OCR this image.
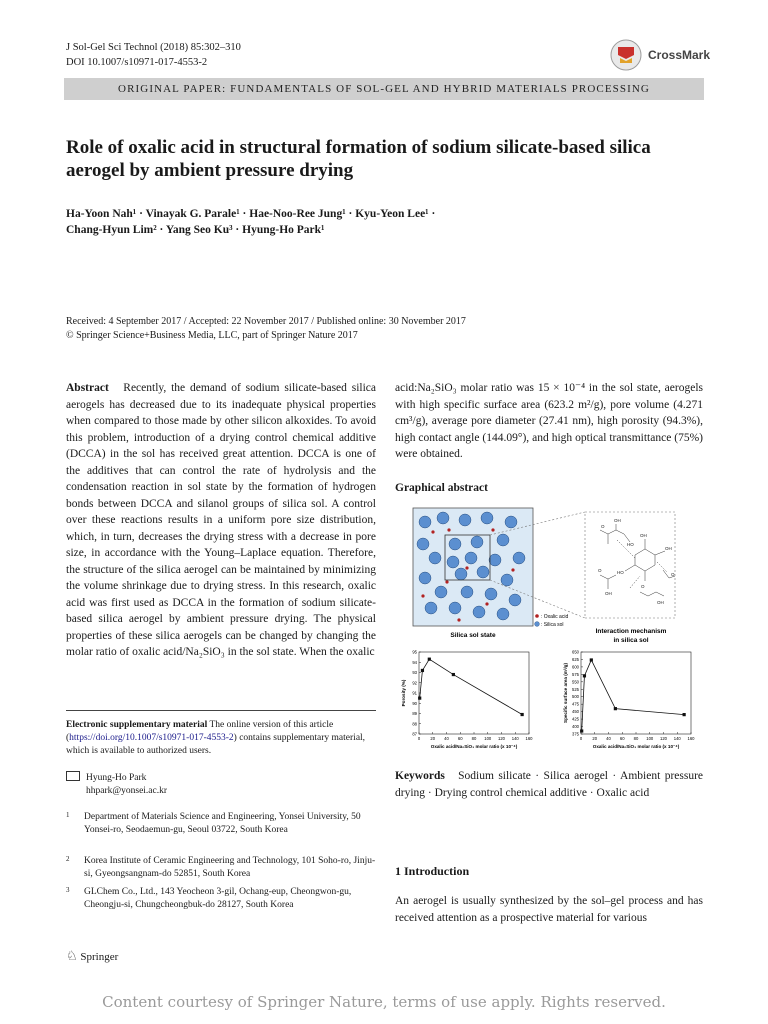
J Sol-Gel Sci Technol (2018) 85:302–310
DOI 10.1007/s10971-017-4553-2
CrossMark
ORIGINAL PAPER: FUNDAMENTALS OF SOL-GEL AND HYBRID MATERIALS PROCESSING
Role of oxalic acid in structural formation of sodium silicate-based silica aerogel by ambient pressure drying
Ha-Yoon Nah¹ · Vinayak G. Parale¹ · Hae-Noo-Ree Jung¹ · Kyu-Yeon Lee¹ ·
Chang-Hyun Lim² · Yang Seo Ku³ · Hyung-Ho Park¹
Received: 4 September 2017 / Accepted: 22 November 2017 / Published online: 30 November 2017
© Springer Science+Business Media, LLC, part of Springer Nature 2017
Abstract Recently, the demand of sodium silicate-based silica aerogels has decreased due to its inadequate physical properties when compared to those made by other silicon alkoxides. To avoid this problem, introduction of a drying control chemical additive (DCCA) in the sol has received great attention. DCCA is one of the additives that can control the rate of hydrolysis and the condensation reaction in sol state by the formation of hydrogen bonds between DCCA and silanol groups of silica sol. A control over these reactions results in a uniform pore size distribution, which, in turn, decreases the drying stress with a decrease in pore size, in accordance with the Young–Laplace equation. Therefore, the structure of the silica aerogel can be maintained by minimizing the volume shrinkage due to drying stress. In this research, oxalic acid was first used as DCCA in the formation of sodium silicate-based silica aerogel by ambient pressure drying. The physical properties of these silica aerogels can be changed by changing the molar ratio of oxalic acid/Na₂SiO₃ in the sol state. When the oxalic
acid:Na₂SiO₃ molar ratio was 15 × 10⁻⁴ in the sol state, aerogels with high specific surface area (623.2 m²/g), pore volume (4.271 cm³/g), average pore diameter (27.41 nm), high porosity (94.3%), high contact angle (144.09°), and high optical transmittance (75%) were obtained.
Graphical abstract
: Oxalic acid
: Silica sol
O
OH
HO
OH
OH
O
HO
O
OH
O
OH
Silica sol state
Interaction mechanism
in silica sol
0 20 40 60 80 100 120 140 160
87
88
89
90
91
92
93
94
95
Oxalic acid/Na₂SiO₃ molar ratio (x 10⁻⁴)
Porosity (%)
0 20 40 60 80 100 120 140 160
375
400
425
450
475
500
525
550
575
600
625
650
Oxalic acid/Na₂SiO₃ molar ratio (x 10⁻⁴)
Specific surface area (m²/g)
Electronic supplementary material The online version of this article (https://doi.org/10.1007/s10971-017-4553-2) contains supplementary material, which is available to authorized users.
Hyung-Ho Park
hhpark@yonsei.ac.kr
1 Department of Materials Science and Engineering, Yonsei University, 50 Yonsei-ro, Seodaemun-gu, Seoul 03722, South Korea
2 Korea Institute of Ceramic Engineering and Technology, 101 Soho-ro, Jinju-si, Gyeongsangnam-do 52851, South Korea
3 GLChem Co., Ltd., 143 Yeocheon 3-gil, Ochang-eup, Cheongwon-gu, Cheongju-si, Chungcheongbuk-do 28127, South Korea
Keywords Sodium silicate · Silica aerogel · Ambient pressure drying · Drying control chemical additive · Oxalic acid
1 Introduction
An aerogel is usually synthesized by the sol–gel process and has received attention as a prospective material for various
♘ Springer
Content courtesy of Springer Nature, terms of use apply. Rights reserved.
